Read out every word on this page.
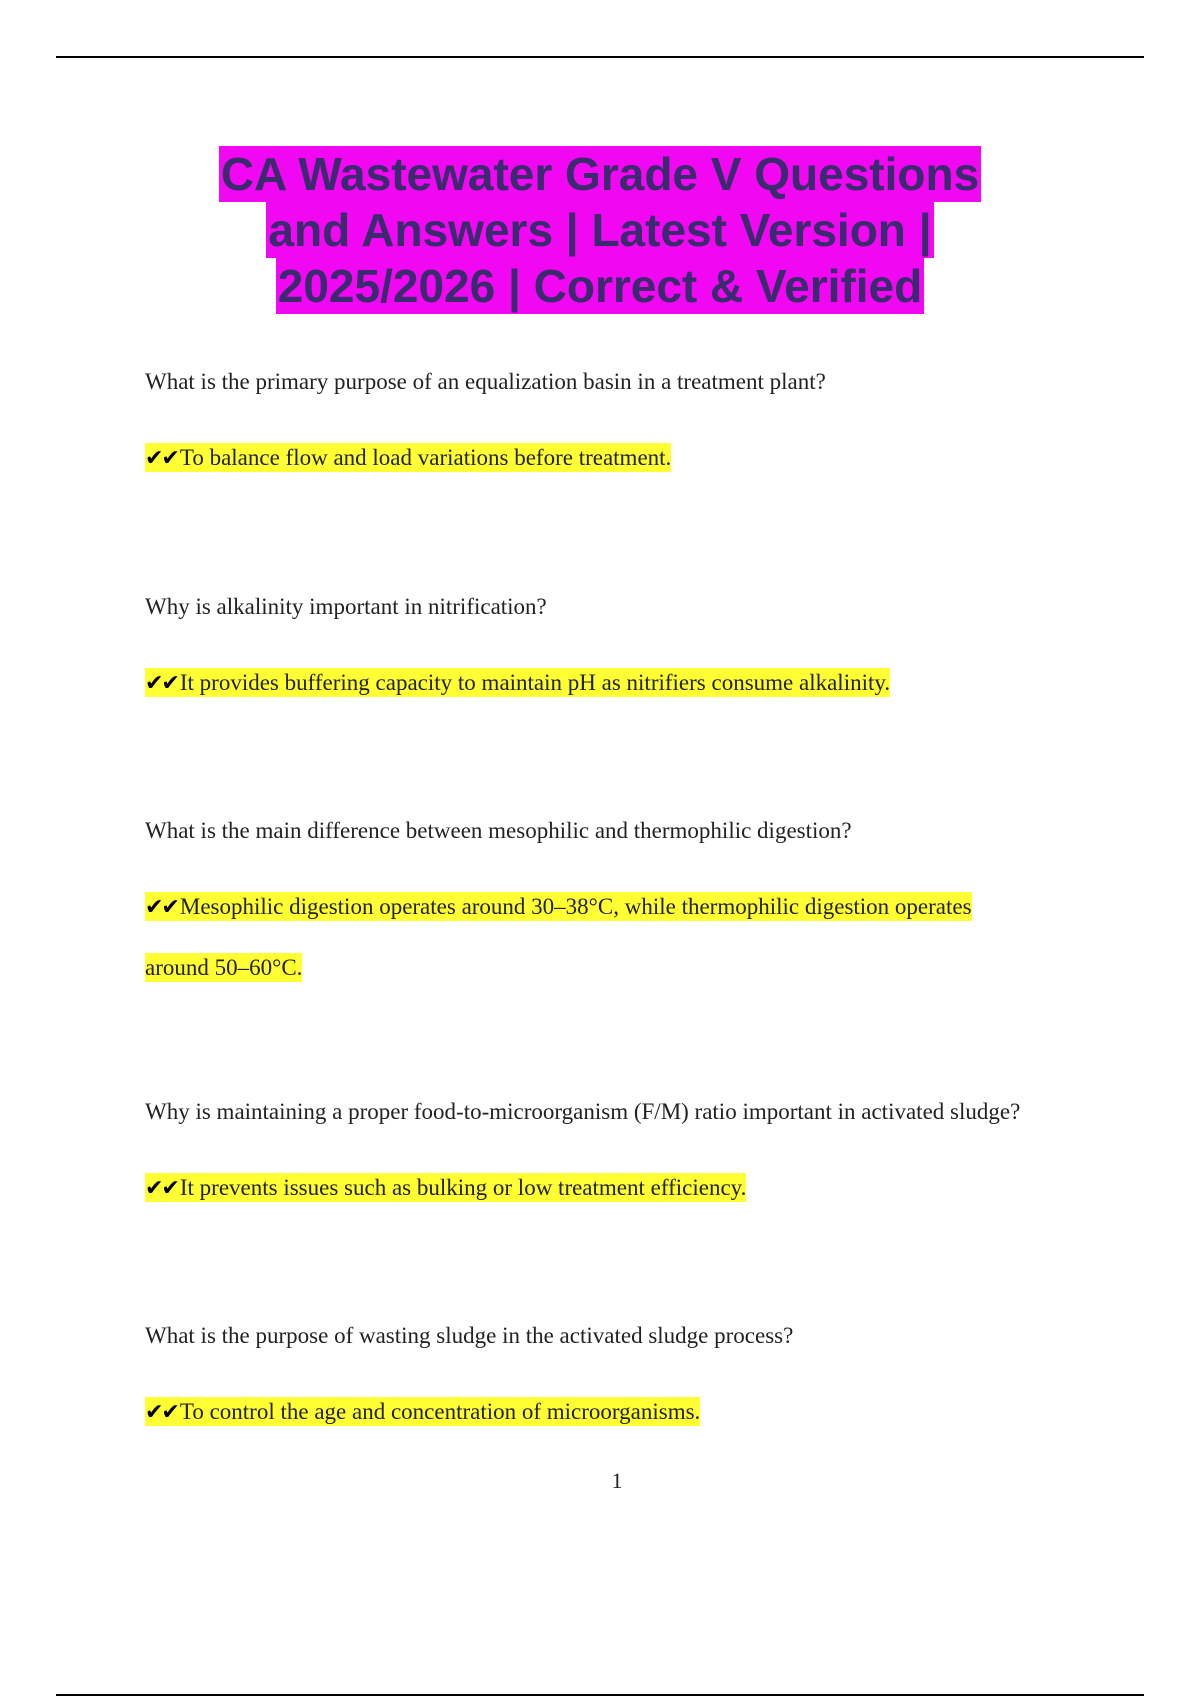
CA Wastewater Grade V Questions
and Answers | Latest Version |
2025/2026 | Correct & Verified
What is the primary purpose of an equalization basin in a treatment plant?
✔✔To balance flow and load variations before treatment.
Why is alkalinity important in nitrification?
✔✔It provides buffering capacity to maintain pH as nitrifiers consume alkalinity.
What is the main difference between mesophilic and thermophilic digestion?
✔✔Mesophilic digestion operates around 30–38°C, while thermophilic digestion operates
around 50–60°C.
Why is maintaining a proper food-to-microorganism (F/M) ratio important in activated sludge?
✔✔It prevents issues such as bulking or low treatment efficiency.
What is the purpose of wasting sludge in the activated sludge process?
✔✔To control the age and concentration of microorganisms.
1
